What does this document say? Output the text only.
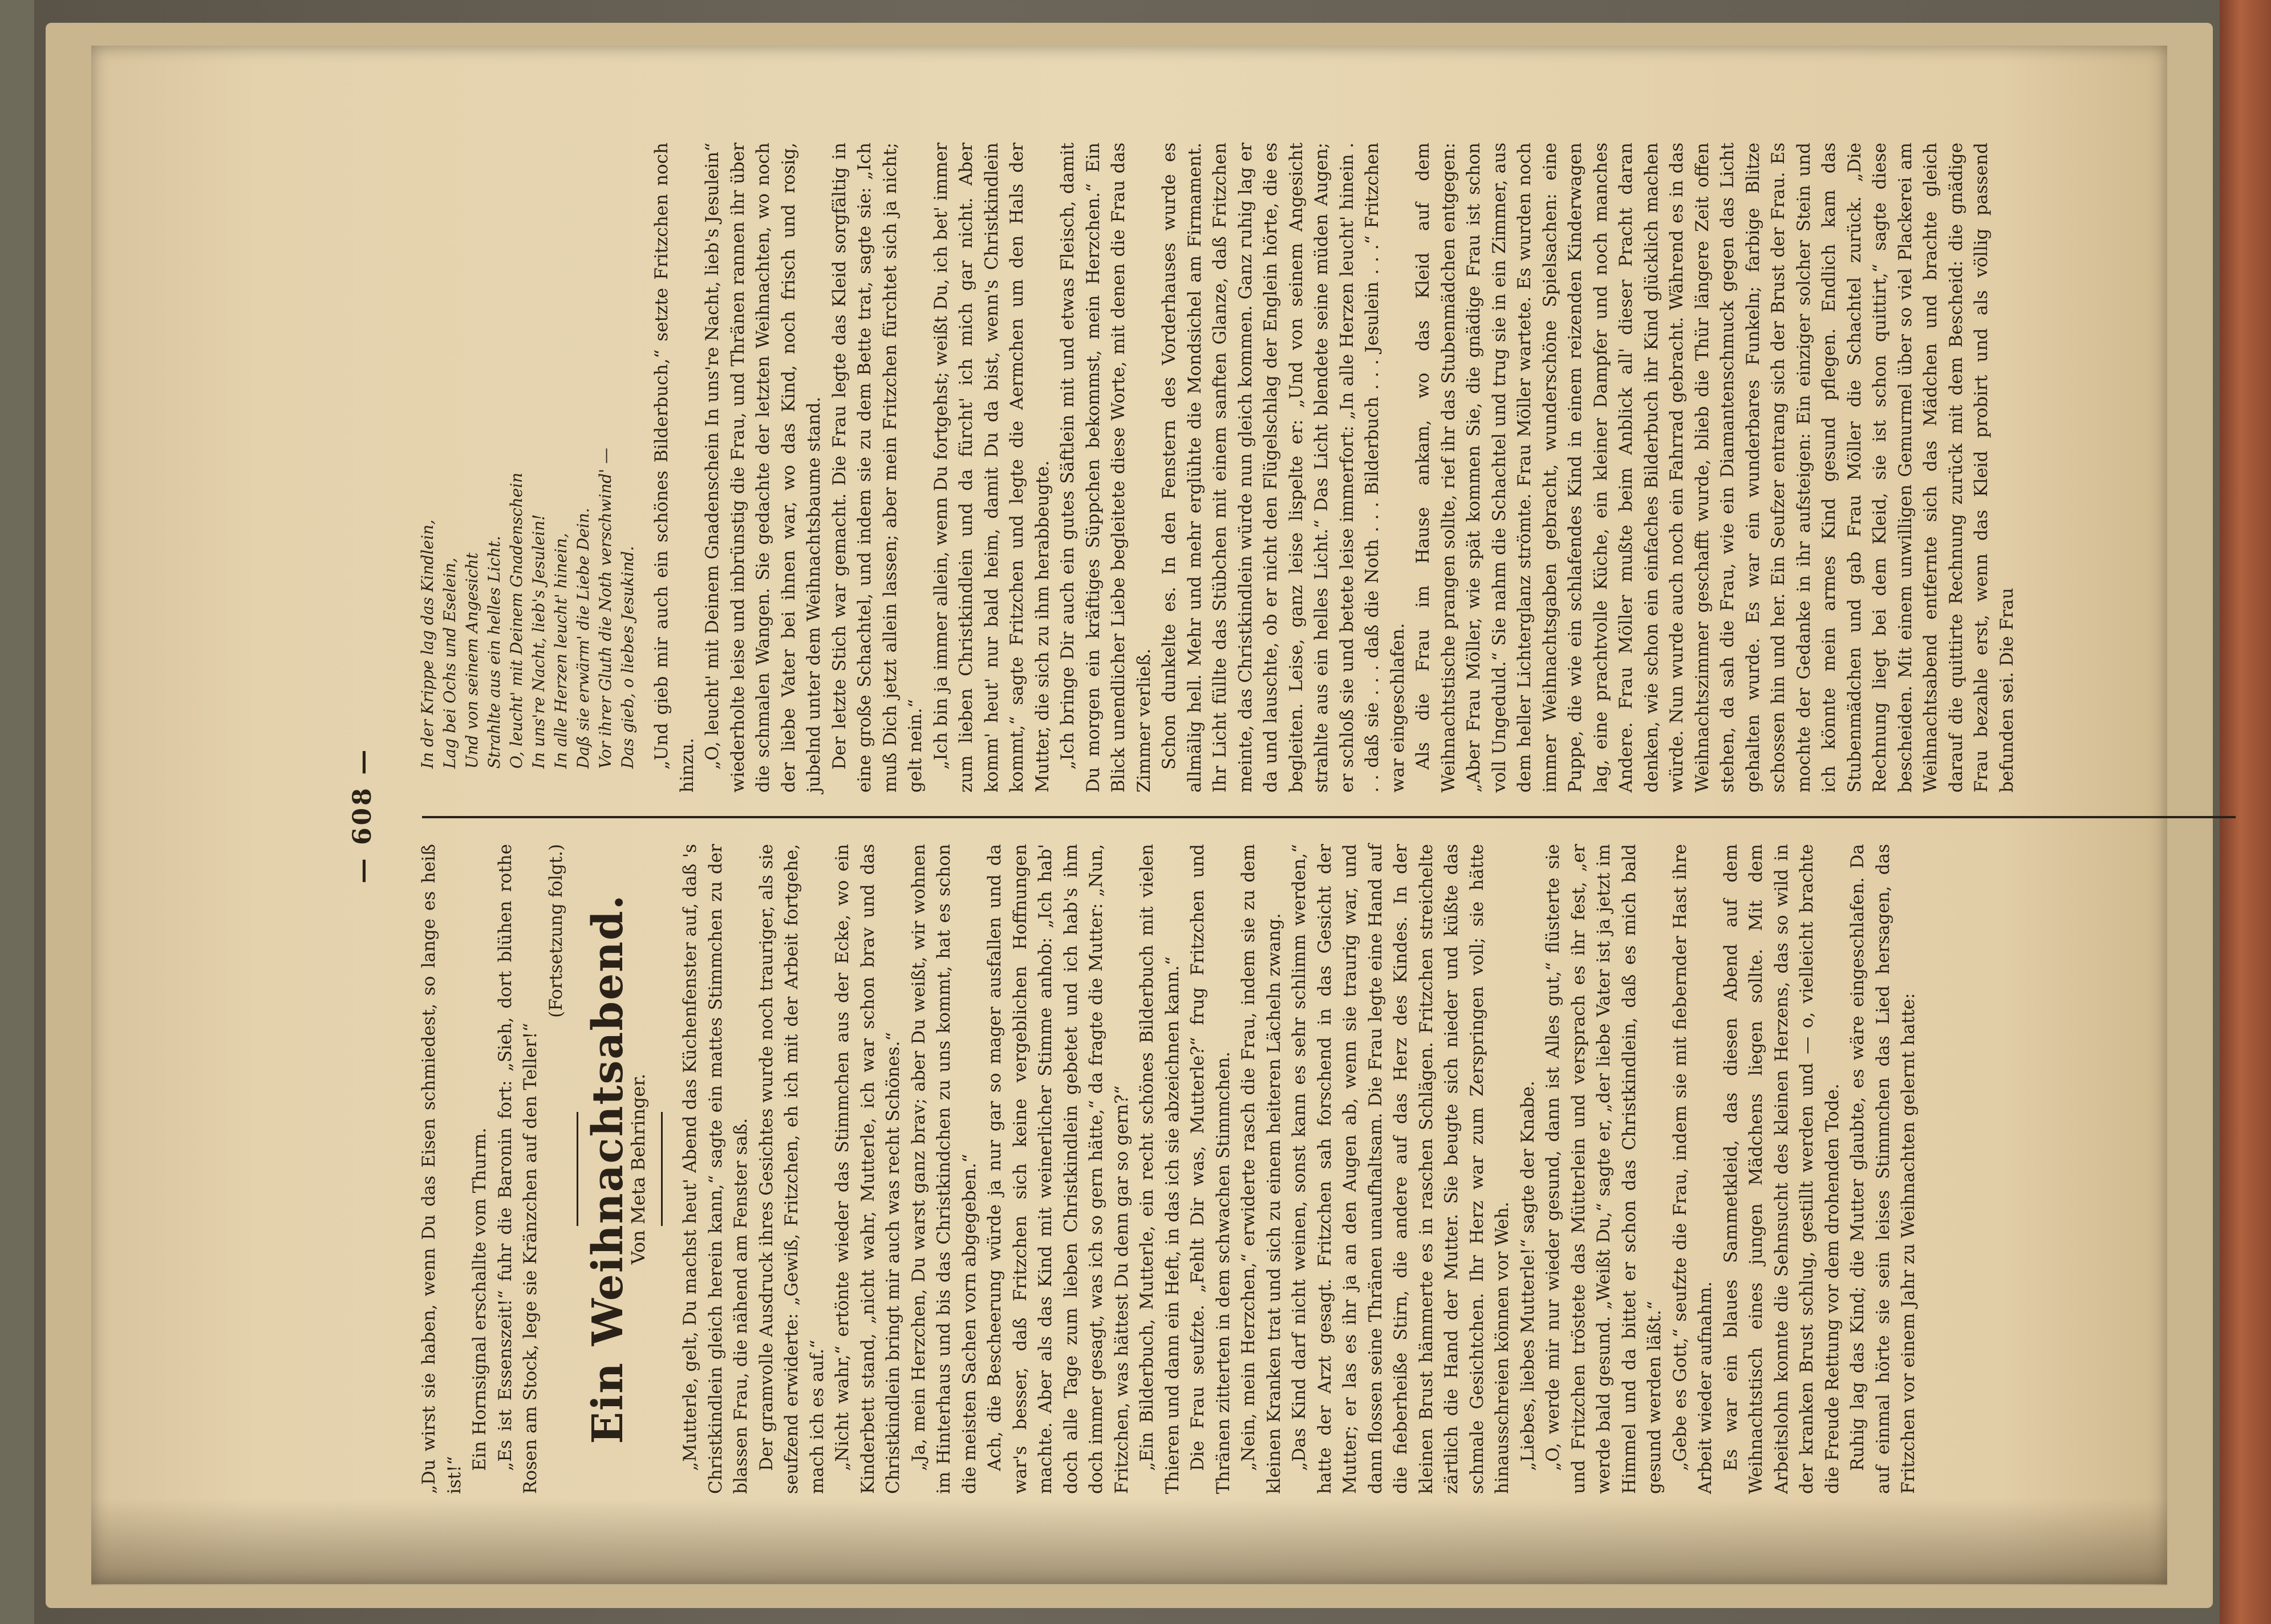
— 608 —

„Du wirst sie haben, wenn Du das Eisen schmiedest, so lange es heiß ist!“

Ein Hornsignal erschallte vom Thurm. „Es ist Essenszeit!“ fuhr die Baronin fort: „Sieh, dort blühen rothe Rosen am Stock, lege sie Kränzchen auf den Teller!“

(Fortsetzung folgt.) Ein Weihnachtsabend.

Von Meta Behringer. „Mutterle, gelt, Du machst heut' Abend das Küchenfenster auf, daß 's Christkindlein gleich herein kann,“ sagte ein mattes Stimmchen zu der blassen Frau, die nähend am Fenster saß. Der gramvolle Ausdruck ihres Gesichtes wurde noch trauriger, als sie seufzend erwiderte: „Gewiß, Fritzchen, eh ich mit der Arbeit fortgehe, mach ich es auf.“ „Nicht wahr,“ ertönte wieder das Stimmchen aus der Ecke, wo ein Kinderbett stand, „nicht wahr, Mutterle, ich war schon brav und das Christkindlein bringt mir auch was recht Schönes.“ „Ja, mein Herzchen, Du warst ganz brav; aber Du weißt, wir wohnen im Hinterhaus und bis das Christkindchen zu uns kommt, hat es schon die meisten Sachen vorn abgegeben.“ Ach, die Bescheerung würde ja nur gar so mager ausfallen und da war's besser, daß Fritzchen sich keine vergeblichen Hoffnungen machte. Aber als das Kind mit weinerlicher Stimme anhob: „Ich hab' doch alle Tage zum lieben Christkindlein gebetet und ich hab's ihm doch immer gesagt, was ich so gern hätte,“ da fragte die Mutter: „Nun, Fritzchen, was hättest Du denn gar so gern?“ „Ein Bilderbuch, Mutterle, ein recht schönes Bilderbuch mit vielen Thieren und dann ein Heft, in das ich sie abzeichnen kann.“ Die Frau seufzte. „Fehlt Dir was, Mutterle?“ frug Fritzchen und Thränen zitterten in dem schwachen Stimmchen. „Nein, mein Herzchen,“ erwiderte rasch die Frau, indem sie zu dem kleinen Kranken trat und sich zu einem heiteren Lächeln zwang. „Das Kind darf nicht weinen, sonst kann es sehr schlimm werden,“ hatte der Arzt gesagt. Fritzchen sah forschend in das Gesicht der Mutter; er las es ihr ja an den Augen ab, wenn sie traurig war, und dann flossen seine Thränen unaufhaltsam. Die Frau legte eine Hand auf die fieberheiße Stirn, die andere auf das Herz des Kindes. In der kleinen Brust hämmerte es in raschen Schlägen. Fritzchen streichelte zärtlich die Hand der Mutter. Sie beugte sich nieder und küßte das schmale Gesichtchen. Ihr Herz war zum Zerspringen voll; sie hätte hinausschreien können vor Weh. „Liebes, liebes Mutterle!“ sagte der Knabe. „O, werde mir nur wieder gesund, dann ist Alles gut,“ flüsterte sie und Fritzchen tröstete das Mütterlein und versprach es ihr fest, „er werde bald gesund. „Weißt Du,“ sagte er, „der liebe Vater ist ja jetzt im Himmel und da bittet er schon das Christkindlein, daß es mich bald gesund werden läßt.“ „Gebe es Gott,“ seufzte die Frau, indem sie mit fiebernder Hast ihre Arbeit wieder aufnahm. Es war ein blaues Sammetkleid, das diesen Abend auf dem Weihnachtstisch eines jungen Mädchens liegen sollte. Mit dem Arbeitslohn konnte die Sehnsucht des kleinen Herzens, das so wild in der kranken Brust schlug, gestillt werden und — o, vielleicht brachte die Freude Rettung vor dem drohenden Tode. Ruhig lag das Kind; die Mutter glaubte, es wäre eingeschlafen. Da auf einmal hörte sie sein leises Stimmchen das Lied hersagen, das Fritzchen vor einem Jahr zu Weihnachten gelernt hatte:

In der Krippe lag das Kindlein, Lag bei Ochs und Eselein, Und von seinem Angesicht Strahlte aus ein helles Licht. O, leucht' mit Deinem Gnadenschein In uns're Nacht, lieb's Jesulein! In alle Herzen leucht' hinein, Daß sie erwärm' die Liebe Dein. Vor ihrer Gluth die Noth verschwind' — Das gieb, o liebes Jesukind. „Und gieb mir auch ein schönes Bilderbuch,“ setzte Fritzchen noch hinzu. „O, leucht' mit Deinem Gnadenschein In uns're Nacht, lieb's Jesulein“ wiederholte leise und inbrünstig die Frau, und Thränen rannen ihr über die schmalen Wangen. Sie gedachte der letzten Weihnachten, wo noch der liebe Vater bei ihnen war, wo das Kind, noch frisch und rosig, jubelnd unter dem Weihnachtsbaume stand. Der letzte Stich war gemacht. Die Frau legte das Kleid sorgfältig in eine große Schachtel, und indem sie zu dem Bette trat, sagte sie: „Ich muß Dich jetzt allein lassen; aber mein Fritzchen fürchtet sich ja nicht; gelt nein.“ „Ich bin ja immer allein, wenn Du fortgehst; weißt Du, ich bet' immer zum lieben Christkindlein und da fürcht' ich mich gar nicht. Aber komm' heut' nur bald heim, damit Du da bist, wenn's Christkindlein kommt,“ sagte Fritzchen und legte die Aermchen um den Hals der Mutter, die sich zu ihm herabbeugte. „Ich bringe Dir auch ein gutes Säftlein mit und etwas Fleisch, damit Du morgen ein kräftiges Süppchen bekommst, mein Herzchen.“ Ein Blick unendlicher Liebe begleitete diese Worte, mit denen die Frau das Zimmer verließ. Schon dunkelte es. In den Fenstern des Vorderhauses wurde es allmälig hell. Mehr und mehr erglühte die Mondsichel am Firmament. Ihr Licht füllte das Stübchen mit einem sanften Glanze, daß Fritzchen meinte, das Christkindlein würde nun gleich kommen. Ganz ruhig lag er da und lauschte, ob er nicht den Flügelschlag der Englein hörte, die es begleiten. Leise, ganz leise lispelte er: „Und von seinem Angesicht strahlte aus ein helles Licht.“ Das Licht blendete seine müden Augen; er schloß sie und betete leise immerfort: „In alle Herzen leucht' hinein . . . daß sie . . . daß die Noth . . . Bilderbuch . . . Jesulein . . .“ Fritzchen war eingeschlafen. Als die Frau im Hause ankam, wo das Kleid auf dem Weihnachtstische prangen sollte, rief ihr das Stubenmädchen entgegen: „Aber Frau Möller, wie spät kommen Sie, die gnädige Frau ist schon voll Ungeduld.“ Sie nahm die Schachtel und trug sie in ein Zimmer, aus dem heller Lichterglanz strömte. Frau Möller wartete. Es wurden noch immer Weihnachtsgaben gebracht, wunderschöne Spielsachen: eine Puppe, die wie ein schlafendes Kind in einem reizenden Kinderwagen lag, eine prachtvolle Küche, ein kleiner Dampfer und noch manches Andere. Frau Möller mußte beim Anblick all' dieser Pracht daran denken, wie schon ein einfaches Bilderbuch ihr Kind glücklich machen würde. Nun wurde auch noch ein Fahrrad gebracht. Während es in das Weihnachtszimmer geschafft wurde, blieb die Thür längere Zeit offen stehen, da sah die Frau, wie ein Diamantenschmuck gegen das Licht gehalten wurde. Es war ein wunderbares Funkeln; farbige Blitze schossen hin und her. Ein Seufzer entrang sich der Brust der Frau. Es mochte der Gedanke in ihr aufsteigen: Ein einziger solcher Stein und ich könnte mein armes Kind gesund pflegen. Endlich kam das Stubenmädchen und gab Frau Möller die Schachtel zurück. „Die Rechnung liegt bei dem Kleid, sie ist schon quittirt,“ sagte diese bescheiden. Mit einem unwilligen Gemurmel über so viel Plackerei am Weihnachtsabend entfernte sich das Mädchen und brachte gleich darauf die quittirte Rechnung zurück mit dem Bescheid: die gnädige Frau bezahle erst, wenn das Kleid probirt und als völlig passend befunden sei. Die Frau
